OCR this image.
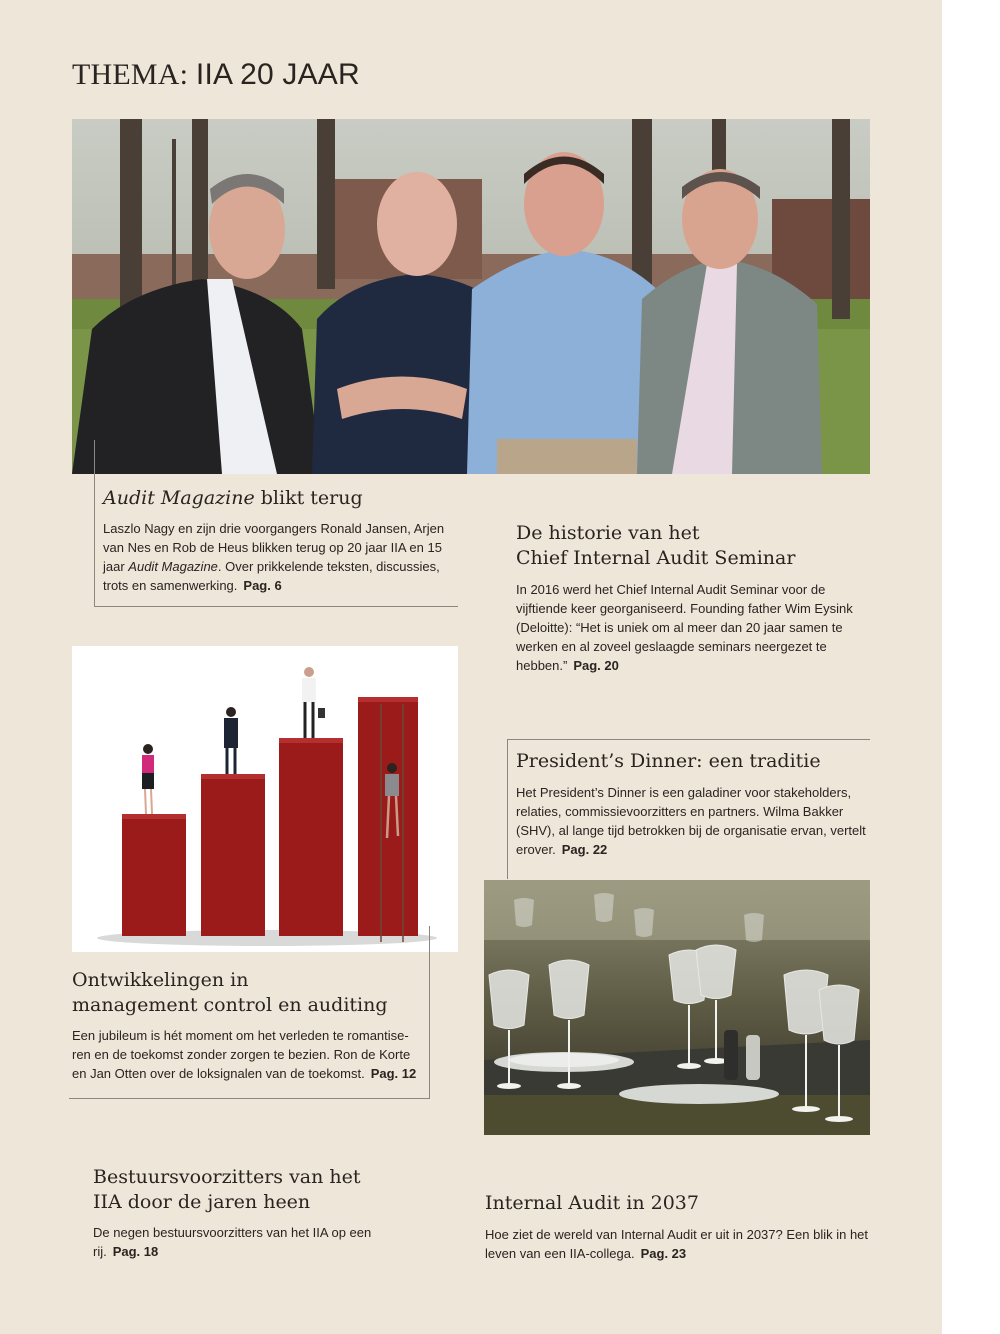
THEMA: IIA 20 JAAR
Audit Magazine blikt terug

Laszlo Nagy en zijn drie voorgangers Ronald Jansen, Arjen van Nes en Rob de Heus blikken terug op 20 jaar IIA en 15 jaar Audit Magazine. Over prikkelende teksten, discussies, trots en samenwerking. Pag. 6

De historie van het
Chief Internal Audit Seminar

In 2016 werd het Chief Internal Audit Seminar voor de vijftiende keer georganiseerd. Founding father Wim Eysink (Deloitte): “Het is uniek om al meer dan 20 jaar samen te werken en al zoveel geslaagde seminars neergezet te hebben.” Pag. 20

Ontwikkelingen in
management control en auditing

Een jubileum is hét moment om het verleden te romantise-ren en de toekomst zonder zorgen te bezien. Ron de Korte en Jan Otten over de loksignalen van de toekomst. Pag. 12

President’s Dinner: een traditie

Het President’s Dinner is een galadiner voor stakeholders, relaties, commissievoorzitters en partners. Wilma Bakker (SHV), al lange tijd betrokken bij de organisatie ervan, vertelt erover. Pag. 22

Bestuursvoorzitters van het
IIA door de jaren heen

De negen bestuursvoorzitters van het IIA op een rij. Pag. 18

Internal Audit in 2037

Hoe ziet de wereld van Internal Audit er uit in 2037? Een blik in het leven van een IIA-collega. Pag. 23
